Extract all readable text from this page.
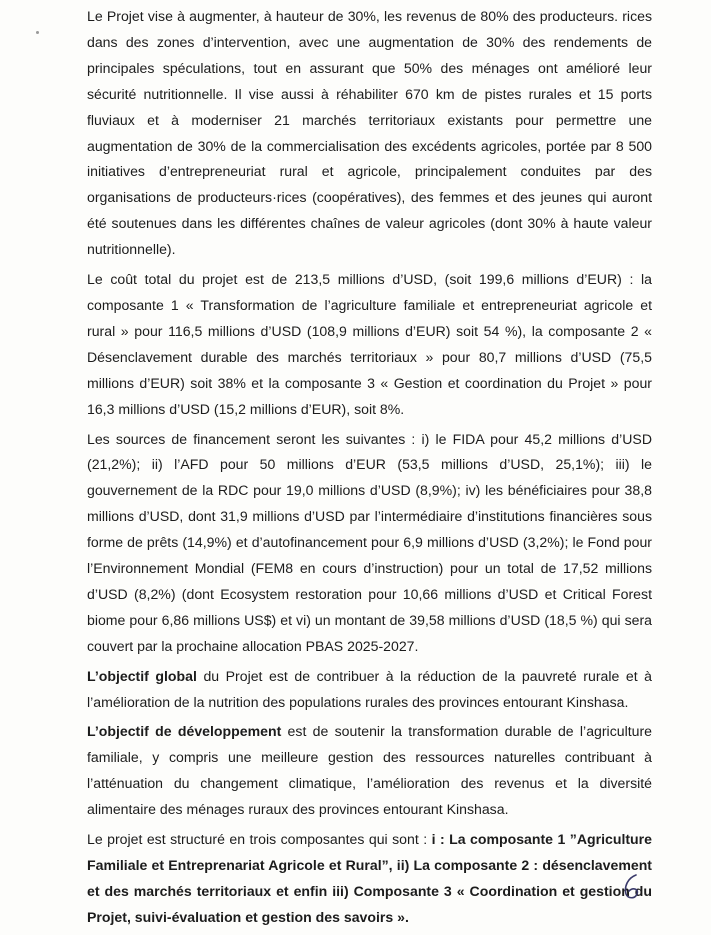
Le Projet vise à augmenter, à hauteur de 30%, les revenus de 80% des producteurs. rices dans des zones d’intervention, avec une augmentation de 30% des rendements de principales spéculations, tout en assurant que 50% des ménages ont amélioré leur sécurité nutritionnelle. Il vise aussi à réhabiliter 670 km de pistes rurales et 15 ports fluviaux et à moderniser 21 marchés territoriaux existants pour permettre une augmentation de 30% de la commercialisation des excédents agricoles, portée par 8 500 initiatives d’entrepreneuriat rural et agricole, principalement conduites par des organisations de producteurs·rices (coopératives), des femmes et des jeunes qui auront été soutenues dans les différentes chaînes de valeur agricoles (dont 30% à haute valeur nutritionnelle).

Le coût total du projet est de 213,5 millions d’USD, (soit 199,6 millions d’EUR) : la composante 1 « Transformation de l’agriculture familiale et entrepreneuriat agricole et rural » pour 116,5 millions d’USD (108,9 millions d’EUR) soit 54 %), la composante 2 « Désenclavement durable des marchés territoriaux » pour 80,7 millions d’USD (75,5 millions d’EUR) soit 38% et la composante 3 « Gestion et coordination du Projet » pour 16,3 millions d’USD (15,2 millions d’EUR), soit 8%.

Les sources de financement seront les suivantes : i) le FIDA pour 45,2 millions d’USD (21,2%); ii) l’AFD pour 50 millions d’EUR (53,5 millions d’USD, 25,1%); iii) le gouvernement de la RDC pour 19,0 millions d’USD (8,9%); iv) les bénéficiaires pour 38,8 millions d’USD, dont 31,9 millions d’USD par l’intermédiaire d’institutions financières sous forme de prêts (14,9%) et d’autofinancement pour 6,9 millions d’USD (3,2%); le Fond pour l’Environnement Mondial (FEM8 en cours d’instruction) pour un total de 17,52 millions d’USD (8,2%) (dont Ecosystem restoration pour 10,66 millions d’USD et Critical Forest biome pour 6,86 millions US$) et vi) un montant de 39,58 millions d’USD (18,5 %) qui sera couvert par la prochaine allocation PBAS 2025-2027.

L’objectif global du Projet est de contribuer à la réduction de la pauvreté rurale et à l’amélioration de la nutrition des populations rurales des provinces entourant Kinshasa.

L’objectif de développement est de soutenir la transformation durable de l’agriculture familiale, y compris une meilleure gestion des ressources naturelles contribuant à l’atténuation du changement climatique, l’amélioration des revenus et la diversité alimentaire des ménages ruraux des provinces entourant Kinshasa.

Le projet est structuré en trois composantes qui sont : i : La composante 1 ”Agriculture Familiale et Entreprenariat Agricole et Rural”, ii) La composante 2 : désenclavement et des marchés territoriaux et enfin iii) Composante 3 « Coordination et gestion du Projet, suivi-évaluation et gestion des savoirs ».
